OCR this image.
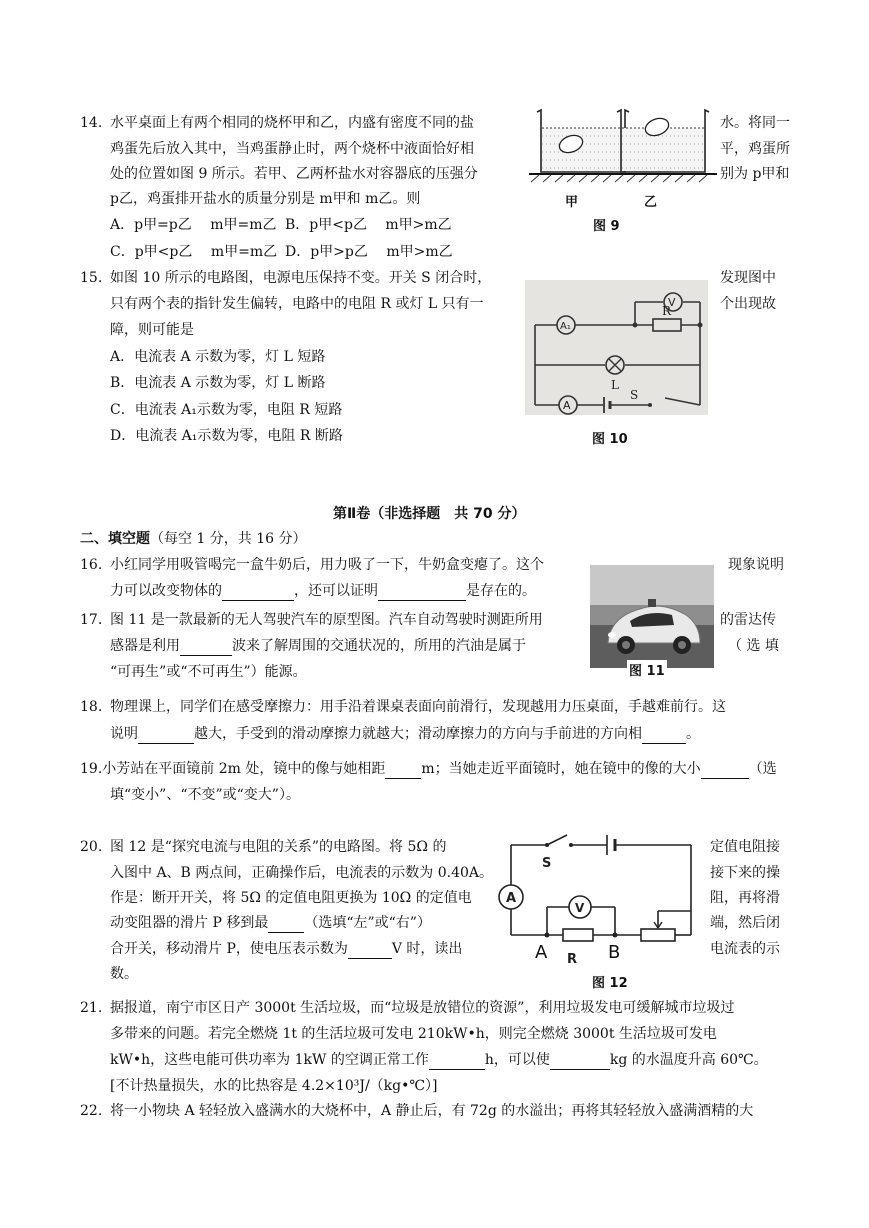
14. 水平桌面上有两个相同的烧杯甲和乙，内盛有密度不同的盐	水。将同一
鸡蛋先后放入其中，当鸡蛋静止时，两个烧杯中液面恰好相	平，鸡蛋所
处的位置如图 9 所示。若甲、乙两杯盐水对容器底的压强分	别为 p甲和
p乙，鸡蛋排开盐水的质量分别是 m甲和 m乙。则
A．p甲=p乙　 m甲=m乙 B．p甲<p乙　 m甲>m乙
C．p甲<p乙　 m甲=m乙 D．p甲>p乙　 m甲>m乙
甲	乙
图 9
15. 如图 10 所示的电路图，电源电压保持不变。开关 S 闭合时，	发现图中
只有两个表的指针发生偏转，电路中的电阻 R 或灯 L 只有一	个出现故
障，则可能是
A．电流表 A 示数为零，灯 L 短路
B．电流表 A 示数为零，灯 L 断路
C．电流表 A₁示数为零，电阻 R 短路
D．电流表 A₁示数为零，电阻 R 断路
V
R
A₁
L
A
S
图 10
第Ⅱ卷（非选择题　共 70 分）
二、填空题（每空 1 分，共 16 分）
16. 小红同学用吸管喝完一盒牛奶后，用力吸了一下，牛奶盒变瘪了。这个	现象说明
力可以改变物体的	，还可以证明	是存在的。
图 11
17. 图 11 是一款最新的无人驾驶汽车的原型图。汽车自动驾驶时测距所用	的雷达传
感器是利用	波来了解周围的交通状况的，所用的汽油是属于	（ 选 填
“可再生”或“不可再生”）能源。
18. 物理课上，同学们在感受摩擦力：用手沿着课桌表面向前滑行，发现越用力压桌面，手越难前行。这
说明	越大，手受到的滑动摩擦力就越大；滑动摩擦力的方向与手前进的方向相	。
19.小芳站在平面镜前 2m 处，镜中的像与她相距	m；当她走近平面镜时，她在镜中的像的大小	（选
填“变小”、“不变”或“变大”）。
20. 图 12 是“探究电流与电阻的关系”的电路图。将 5Ω 的	定值电阻接
入图中 A、B 两点间，正确操作后，电流表的示数为 0.40A。	接下来的操
作是：断开开关，将 5Ω 的定值电阻更换为 10Ω 的定值电	阻，再将滑
动变阻器的滑片 P 移到最	（选填“左”或“右”）	端，然后闭
合开关，移动滑片 P，使电压表示数为	V 时，读出	电流表的示
数。
S
A
V
A	B
R
图 12
21. 据报道，南宁市区日产 3000t 生活垃圾，而“垃圾是放错位的资源”，利用垃圾发电可缓解城市垃圾过
多带来的问题。若完全燃烧 1t 的生活垃圾可发电 210kW•h，则完全燃烧 3000t 生活垃圾可发电
kW•h，这些电能可供功率为 1kW 的空调正常工作	h，可以使	kg 的水温度升高 60℃。
[不计热量损失，水的比热容是 4.2×10³J/（kg•℃）]
22. 将一小物块 A 轻轻放入盛满水的大烧杯中，A 静止后，有 72g 的水溢出；再将其轻轻放入盛满酒精的大
